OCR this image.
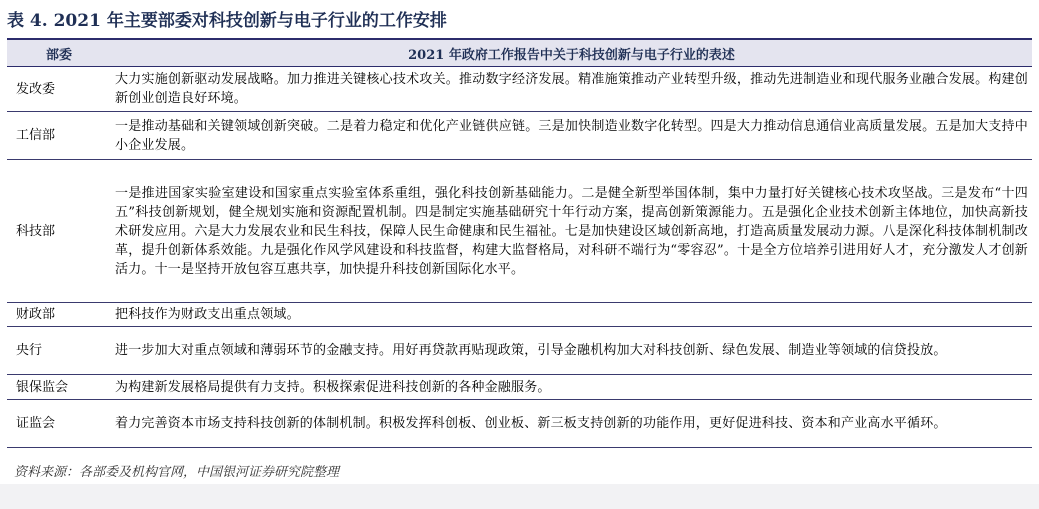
表 4. 2021 年主要部委对科技创新与电子行业的工作安排
部委	2021 年政府工作报告中关于科技创新与电子行业的表述
发改委	大力实施创新驱动发展战略。加力推进关键核心技术攻关。推动数字经济发展。精准施策推动产业转型升级，推动先进制造业和现代服务业融合发展。构建创新创业创造良好环境。
工信部	一是推动基础和关键领域创新突破。二是着力稳定和优化产业链供应链。三是加快制造业数字化转型。四是大力推动信息通信业高质量发展。五是加大支持中小企业发展。
科技部	一是推进国家实验室建设和国家重点实验室体系重组，强化科技创新基础能力。二是健全新型举国体制，集中力量打好关键核心技术攻坚战。三是发布“十四五”科技创新规划，健全规划实施和资源配置机制。四是制定实施基础研究十年行动方案，提高创新策源能力。五是强化企业技术创新主体地位，加快高新技术研发应用。六是大力发展农业和民生科技，保障人民生命健康和民生福祉。七是加快建设区域创新高地，打造高质量发展动力源。八是深化科技体制机制改革，提升创新体系效能。九是强化作风学风建设和科技监督，构建大监督格局，对科研不端行为“零容忍”。十是全方位培养引进用好人才，充分激发人才创新活力。十一是坚持开放包容互惠共享，加快提升科技创新国际化水平。
财政部	把科技作为财政支出重点领域。
央行	进一步加大对重点领域和薄弱环节的金融支持。用好再贷款再贴现政策，引导金融机构加大对科技创新、绿色发展、制造业等领域的信贷投放。
银保监会	为构建新发展格局提供有力支持。积极探索促进科技创新的各种金融服务。
证监会	着力完善资本市场支持科技创新的体制机制。积极发挥科创板、创业板、新三板支持创新的功能作用，更好促进科技、资本和产业高水平循环。
资料来源：各部委及机构官网，中国银河证券研究院整理
